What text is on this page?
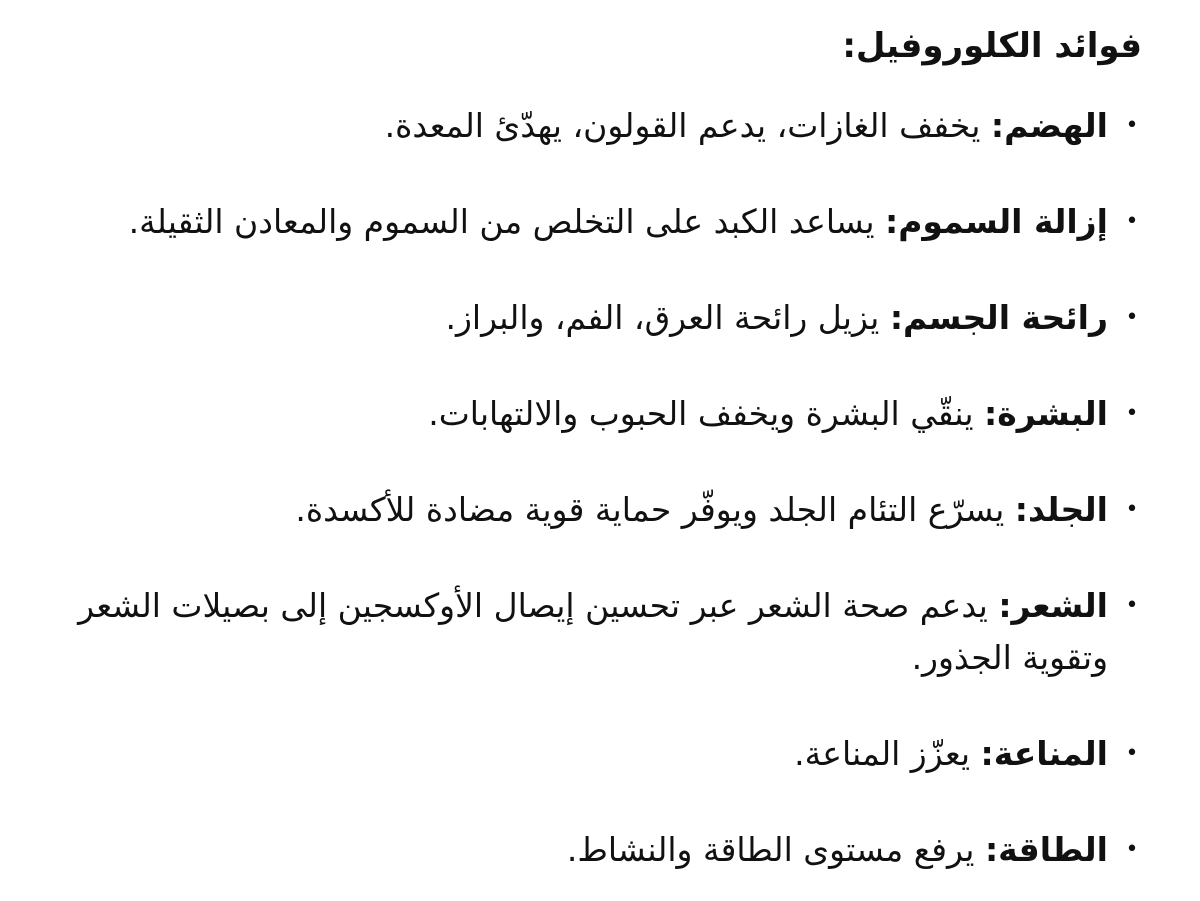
فوائد الكلوروفيل:
•
الهضم: يخفف الغازات، يدعم القولون، يهدّئ المعدة.
•
إزالة السموم: يساعد الكبد على التخلص من السموم والمعادن الثقيلة.
•
رائحة الجسم: يزيل رائحة العرق، الفم، والبراز.
•
البشرة: ينقّي البشرة ويخفف الحبوب والالتهابات.
•
الجلد: يسرّع التئام الجلد ويوفّر حماية قوية مضادة للأكسدة.
•
الشعر: يدعم صحة الشعر عبر تحسين إيصال الأوكسجين إلى بصيلات الشعر وتقوية الجذور.
•
المناعة: يعزّز المناعة.
•
الطاقة: يرفع مستوى الطاقة والنشاط.
